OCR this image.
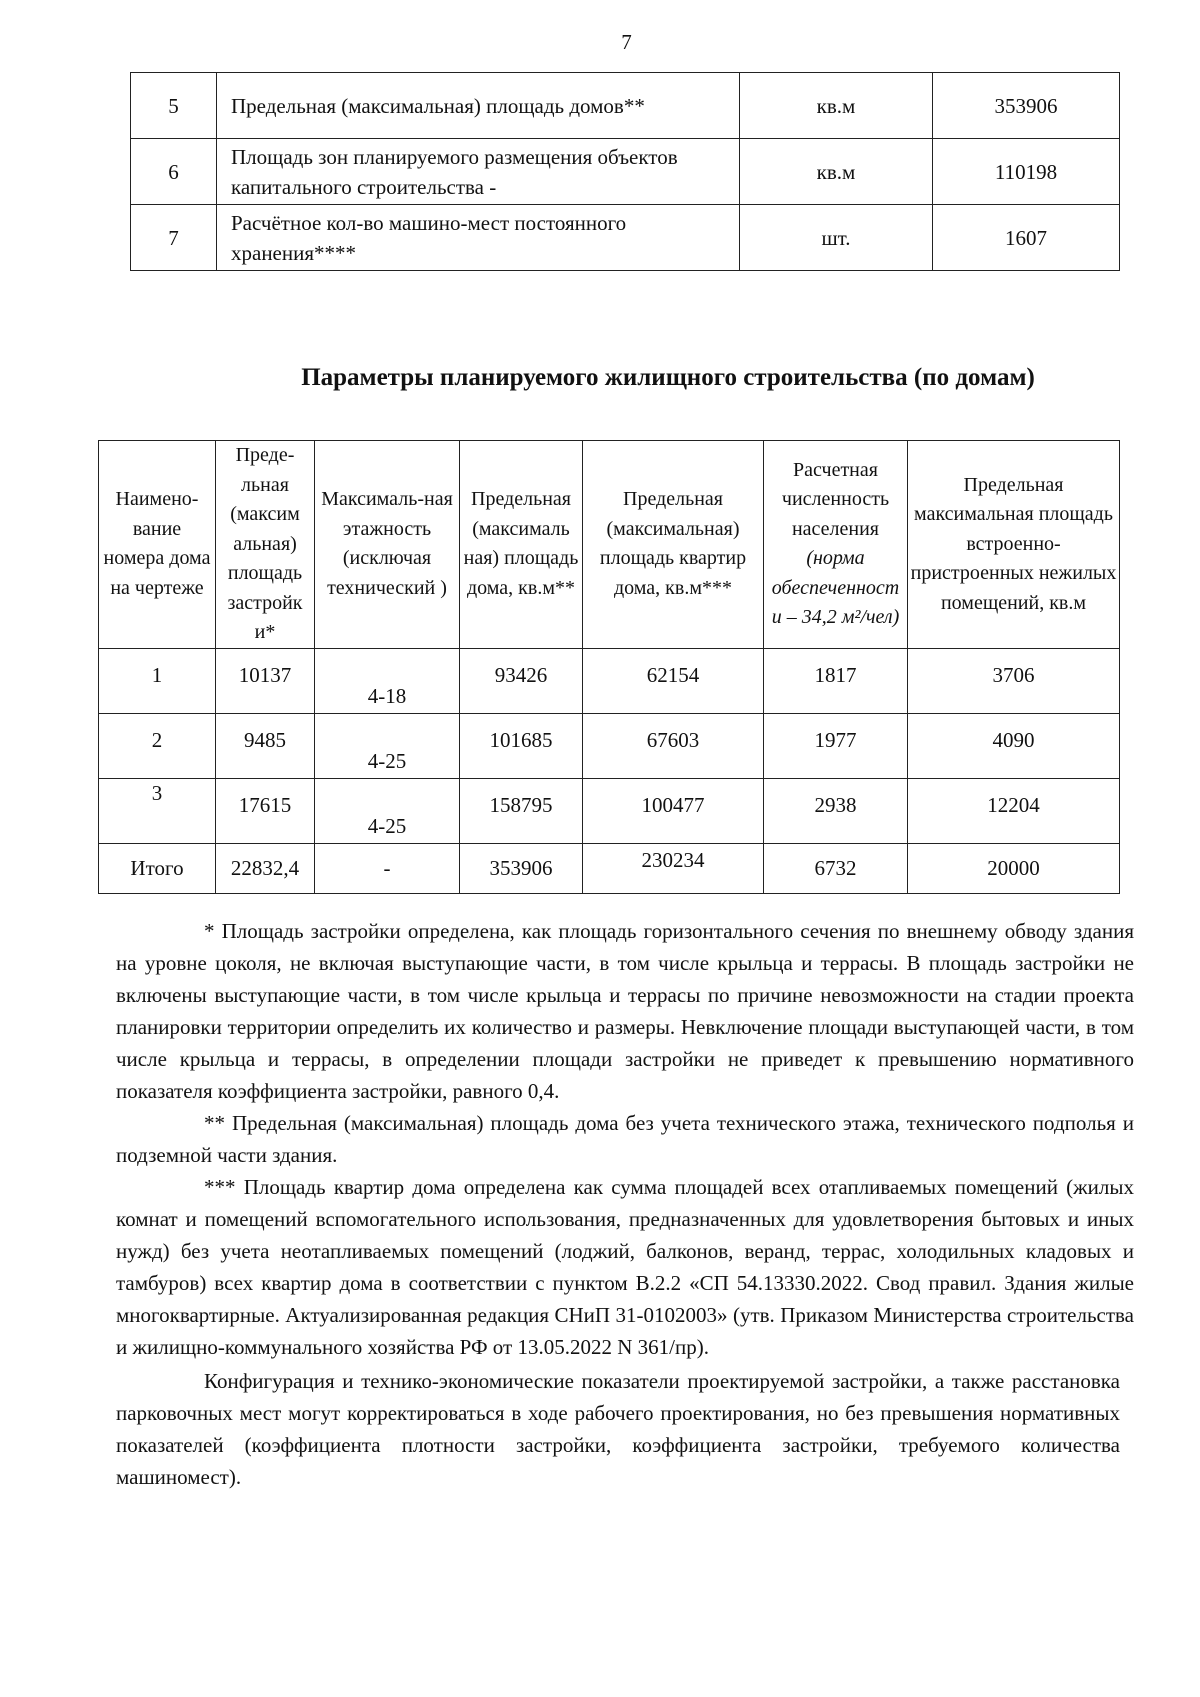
7
5	Предельная (максимальная) площадь домов**	кв.м	353906
6	Площадь зон планируемого размещения объектов капитального строительства -	кв.м	110198
7	Расчётное кол-во машино-мест постоянного хранения****	шт.	1607
Параметры планируемого жилищного строительства (по домам)
Наимено-вание номера дома на чертеже	Преде-льная (максим альная) площадь застройк и*	Максималь-ная этажность (исключая технический )	Предельная (максималь ная) площадь дома, кв.м**	Предельная (максимальная) площадь квартир дома, кв.м***	Расчетная численность населения (норма обеспеченност и – 34,2 м²/чел)	Предельная максимальная площадь встроенно-пристроенных нежилых помещений, кв.м
1	10137	4-18	93426	62154	1817	3706
2	9485	4-25	101685	67603	1977	4090
3	17615	4-25	158795	100477	2938	12204
Итого	22832,4	-	353906	230234	6732	20000

* Площадь застройки определена, как площадь горизонтального сечения по внешнему обводу здания на уровне цоколя, не включая выступающие части, в том числе крыльца и террасы. В площадь застройки не включены выступающие части, в том числе крыльца и террасы по причине невозможности на стадии проекта планировки территории определить их количество и размеры. Невключение площади выступающей части, в том числе крыльца и террасы, в определении площади застройки не приведет к превышению нормативного показателя коэффициента застройки, равного 0,4.

** Предельная (максимальная) площадь дома без учета технического этажа, технического подполья и подземной части здания.

*** Площадь квартир дома определена как сумма площадей всех отапливаемых помещений (жилых комнат и помещений вспомогательного использования, предназначенных для удовлетворения бытовых и иных нужд) без учета неотапливаемых помещений (лоджий, балконов, веранд, террас, холодильных кладовых и тамбуров) всех квартир дома в соответствии с пунктом В.2.2 «СП 54.13330.2022. Свод правил. Здания жилые многоквартирные. Актуализированная редакция СНиП 31-0102003» (утв. Приказом Министерства строительства и жилищно-коммунального хозяйства РФ от 13.05.2022 N 361/пр).

Конфигурация и технико-экономические показатели проектируемой застройки, а также расстановка парковочных мест могут корректироваться в ходе рабочего проектирования, но без превышения нормативных показателей (коэффициента плотности застройки, коэффициента застройки, требуемого количества машиномест).
